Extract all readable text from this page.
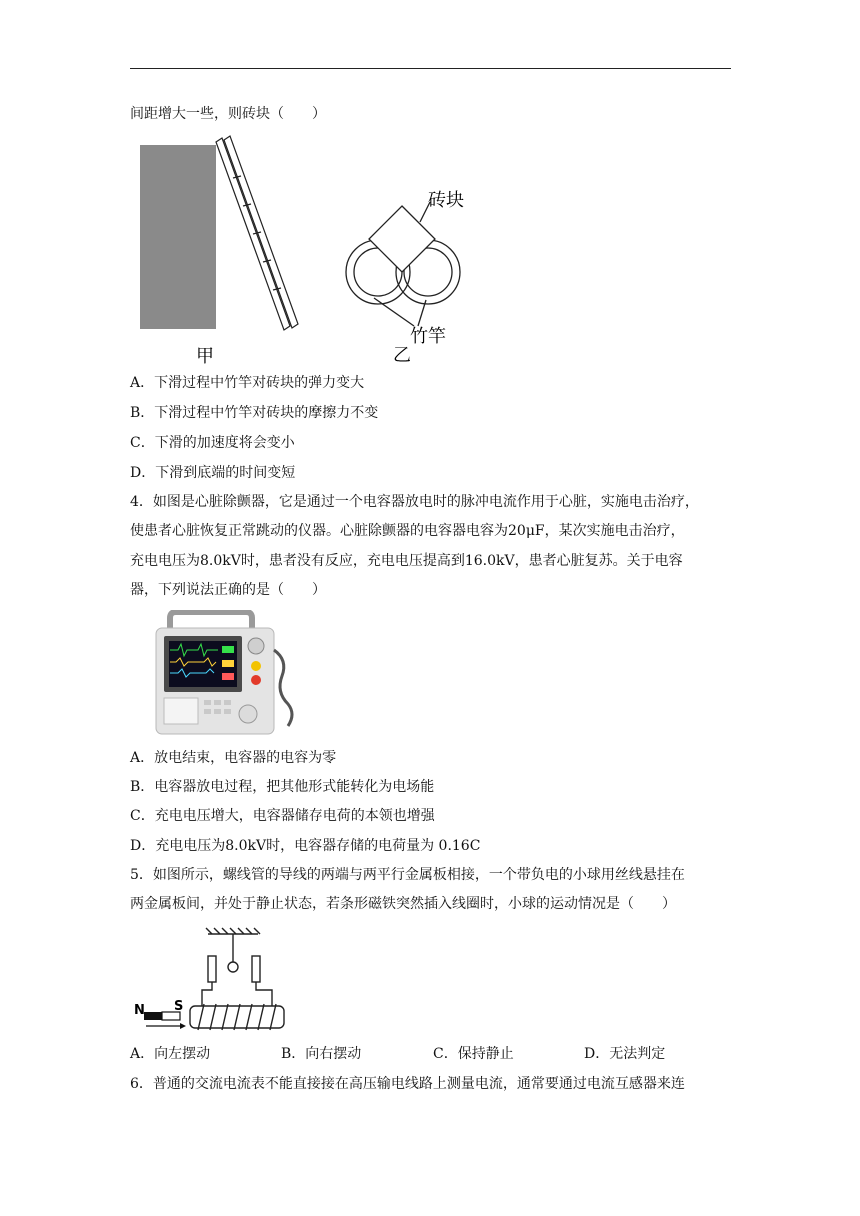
间距增大一些，则砖块（　　）
甲
砖块
竹竿
乙
A．下滑过程中竹竿对砖块的弹力变大
B．下滑过程中竹竿对砖块的摩擦力不变
C．下滑的加速度将会变小
D．下滑到底端的时间变短
4．如图是心脏除颤器，它是通过一个电容器放电时的脉冲电流作用于心脏，实施电击治疗，
使患者心脏恢复正常跳动的仪器。心脏除颤器的电容器电容为20μF，某次实施电击治疗，
充电电压为8.0kV时，患者没有反应，充电电压提高到16.0kV，患者心脏复苏。关于电容
器，下列说法正确的是（　　）
A．放电结束，电容器的电容为零
B．电容器放电过程，把其他形式能转化为电场能
C．充电电压增大，电容器储存电荷的本领也增强
D．充电电压为8.0kV时，电容器存储的电荷量为 0.16C
5．如图所示，螺线管的导线的两端与两平行金属板相接，一个带负电的小球用丝线悬挂在
两金属板间，并处于静止状态，若条形磁铁突然插入线圈时，小球的运动情况是（　　）
N S
A．向左摆动	B．向右摆动	C．保持静止	D．无法判定
6．普通的交流电流表不能直接接在高压输电线路上测量电流，通常要通过电流互感器来连
